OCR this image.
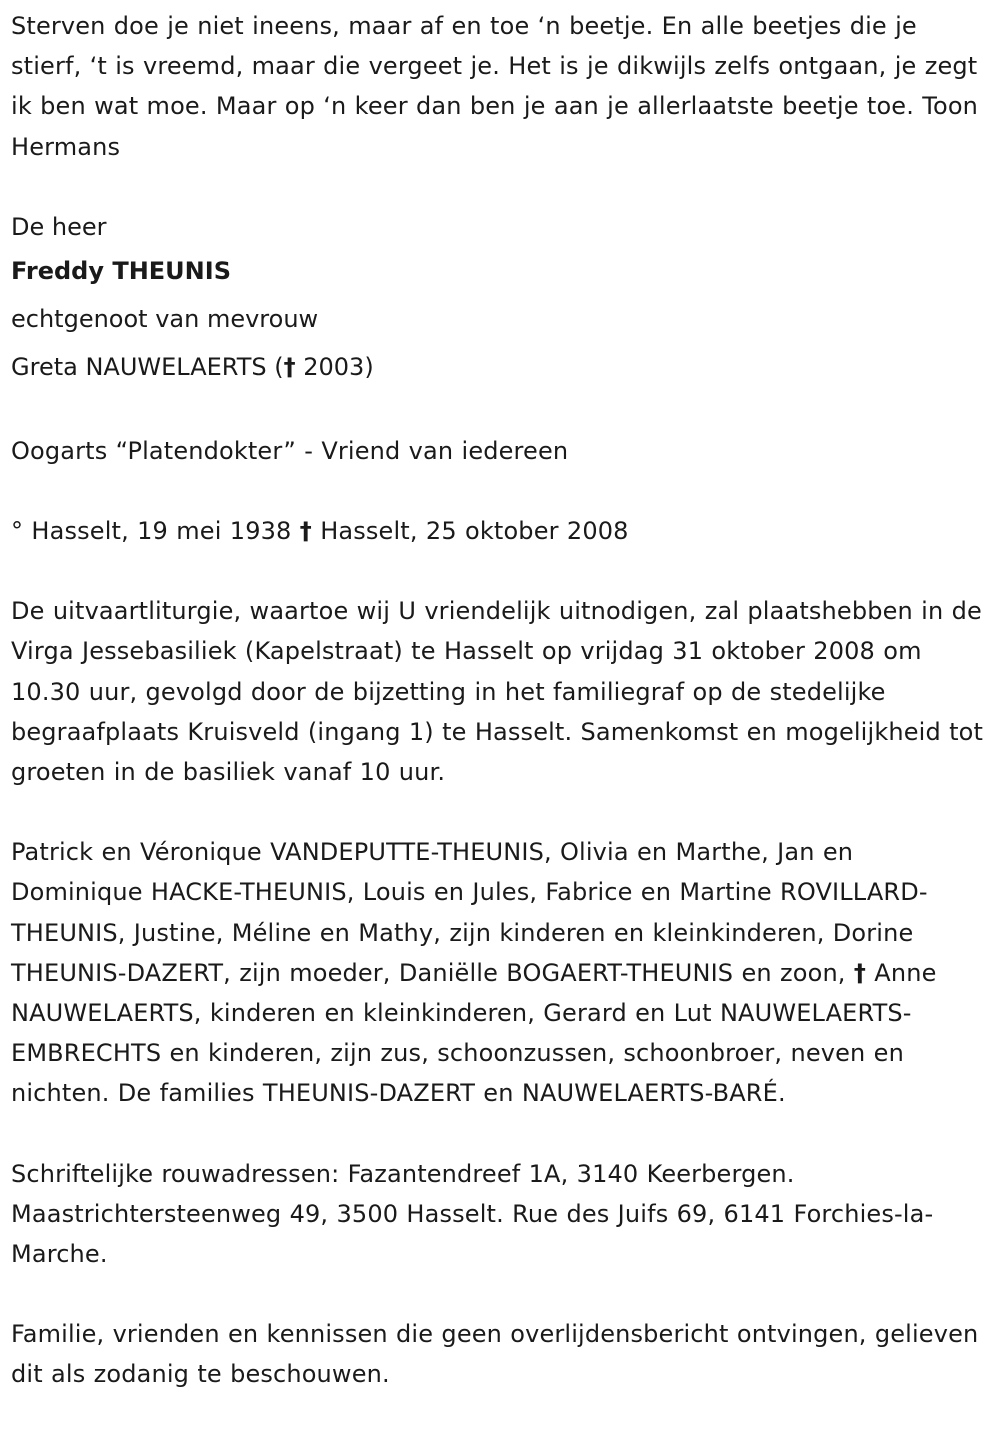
Sterven doe je niet ineens, maar af en toe ‘n beetje. En alle beetjes die je stierf, ‘t is vreemd, maar die vergeet je. Het is je dikwijls zelfs ontgaan, je zegt ik ben wat moe. Maar op ‘n keer dan ben je aan je allerlaatste beetje toe. Toon Hermans

De heer

Freddy THEUNIS

echtgenoot van mevrouw

Greta NAUWELAERTS († 2003)

Oogarts “Platendokter” - Vriend van iedereen

° Hasselt, 19 mei 1938 † Hasselt, 25 oktober 2008

De uitvaartliturgie, waartoe wij U vriendelijk uitnodigen, zal plaatshebben in de Virga Jessebasiliek (Kapelstraat) te Hasselt op vrijdag 31 oktober 2008 om 10.30 uur, gevolgd door de bijzetting in het familiegraf op de stedelijke begraafplaats Kruisveld (ingang 1) te Hasselt. Samenkomst en mogelijkheid tot groeten in de basiliek vanaf 10 uur.

Patrick en Véronique VANDEPUTTE-THEUNIS, Olivia en Marthe, Jan en Dominique HACKE-THEUNIS, Louis en Jules, Fabrice en Martine ROVILLARD-THEUNIS, Justine, Méline en Mathy, zijn kinderen en kleinkinderen, Dorine THEUNIS-DAZERT, zijn moeder, Daniëlle BOGAERT-THEUNIS en zoon, † Anne NAUWELAERTS, kinderen en kleinkinderen, Gerard en Lut NAUWELAERTS-EMBRECHTS en kinderen, zijn zus, schoonzussen, schoonbroer, neven en nichten. De families THEUNIS-DAZERT en NAUWELAERTS-BARÉ.

Schriftelijke rouwadressen: Fazantendreef 1A, 3140 Keerbergen. Maastrichtersteenweg 49, 3500 Hasselt. Rue des Juifs 69, 6141 Forchies-la-Marche.

Familie, vrienden en kennissen die geen overlijdensbericht ontvingen, gelieven dit als zodanig te beschouwen.
